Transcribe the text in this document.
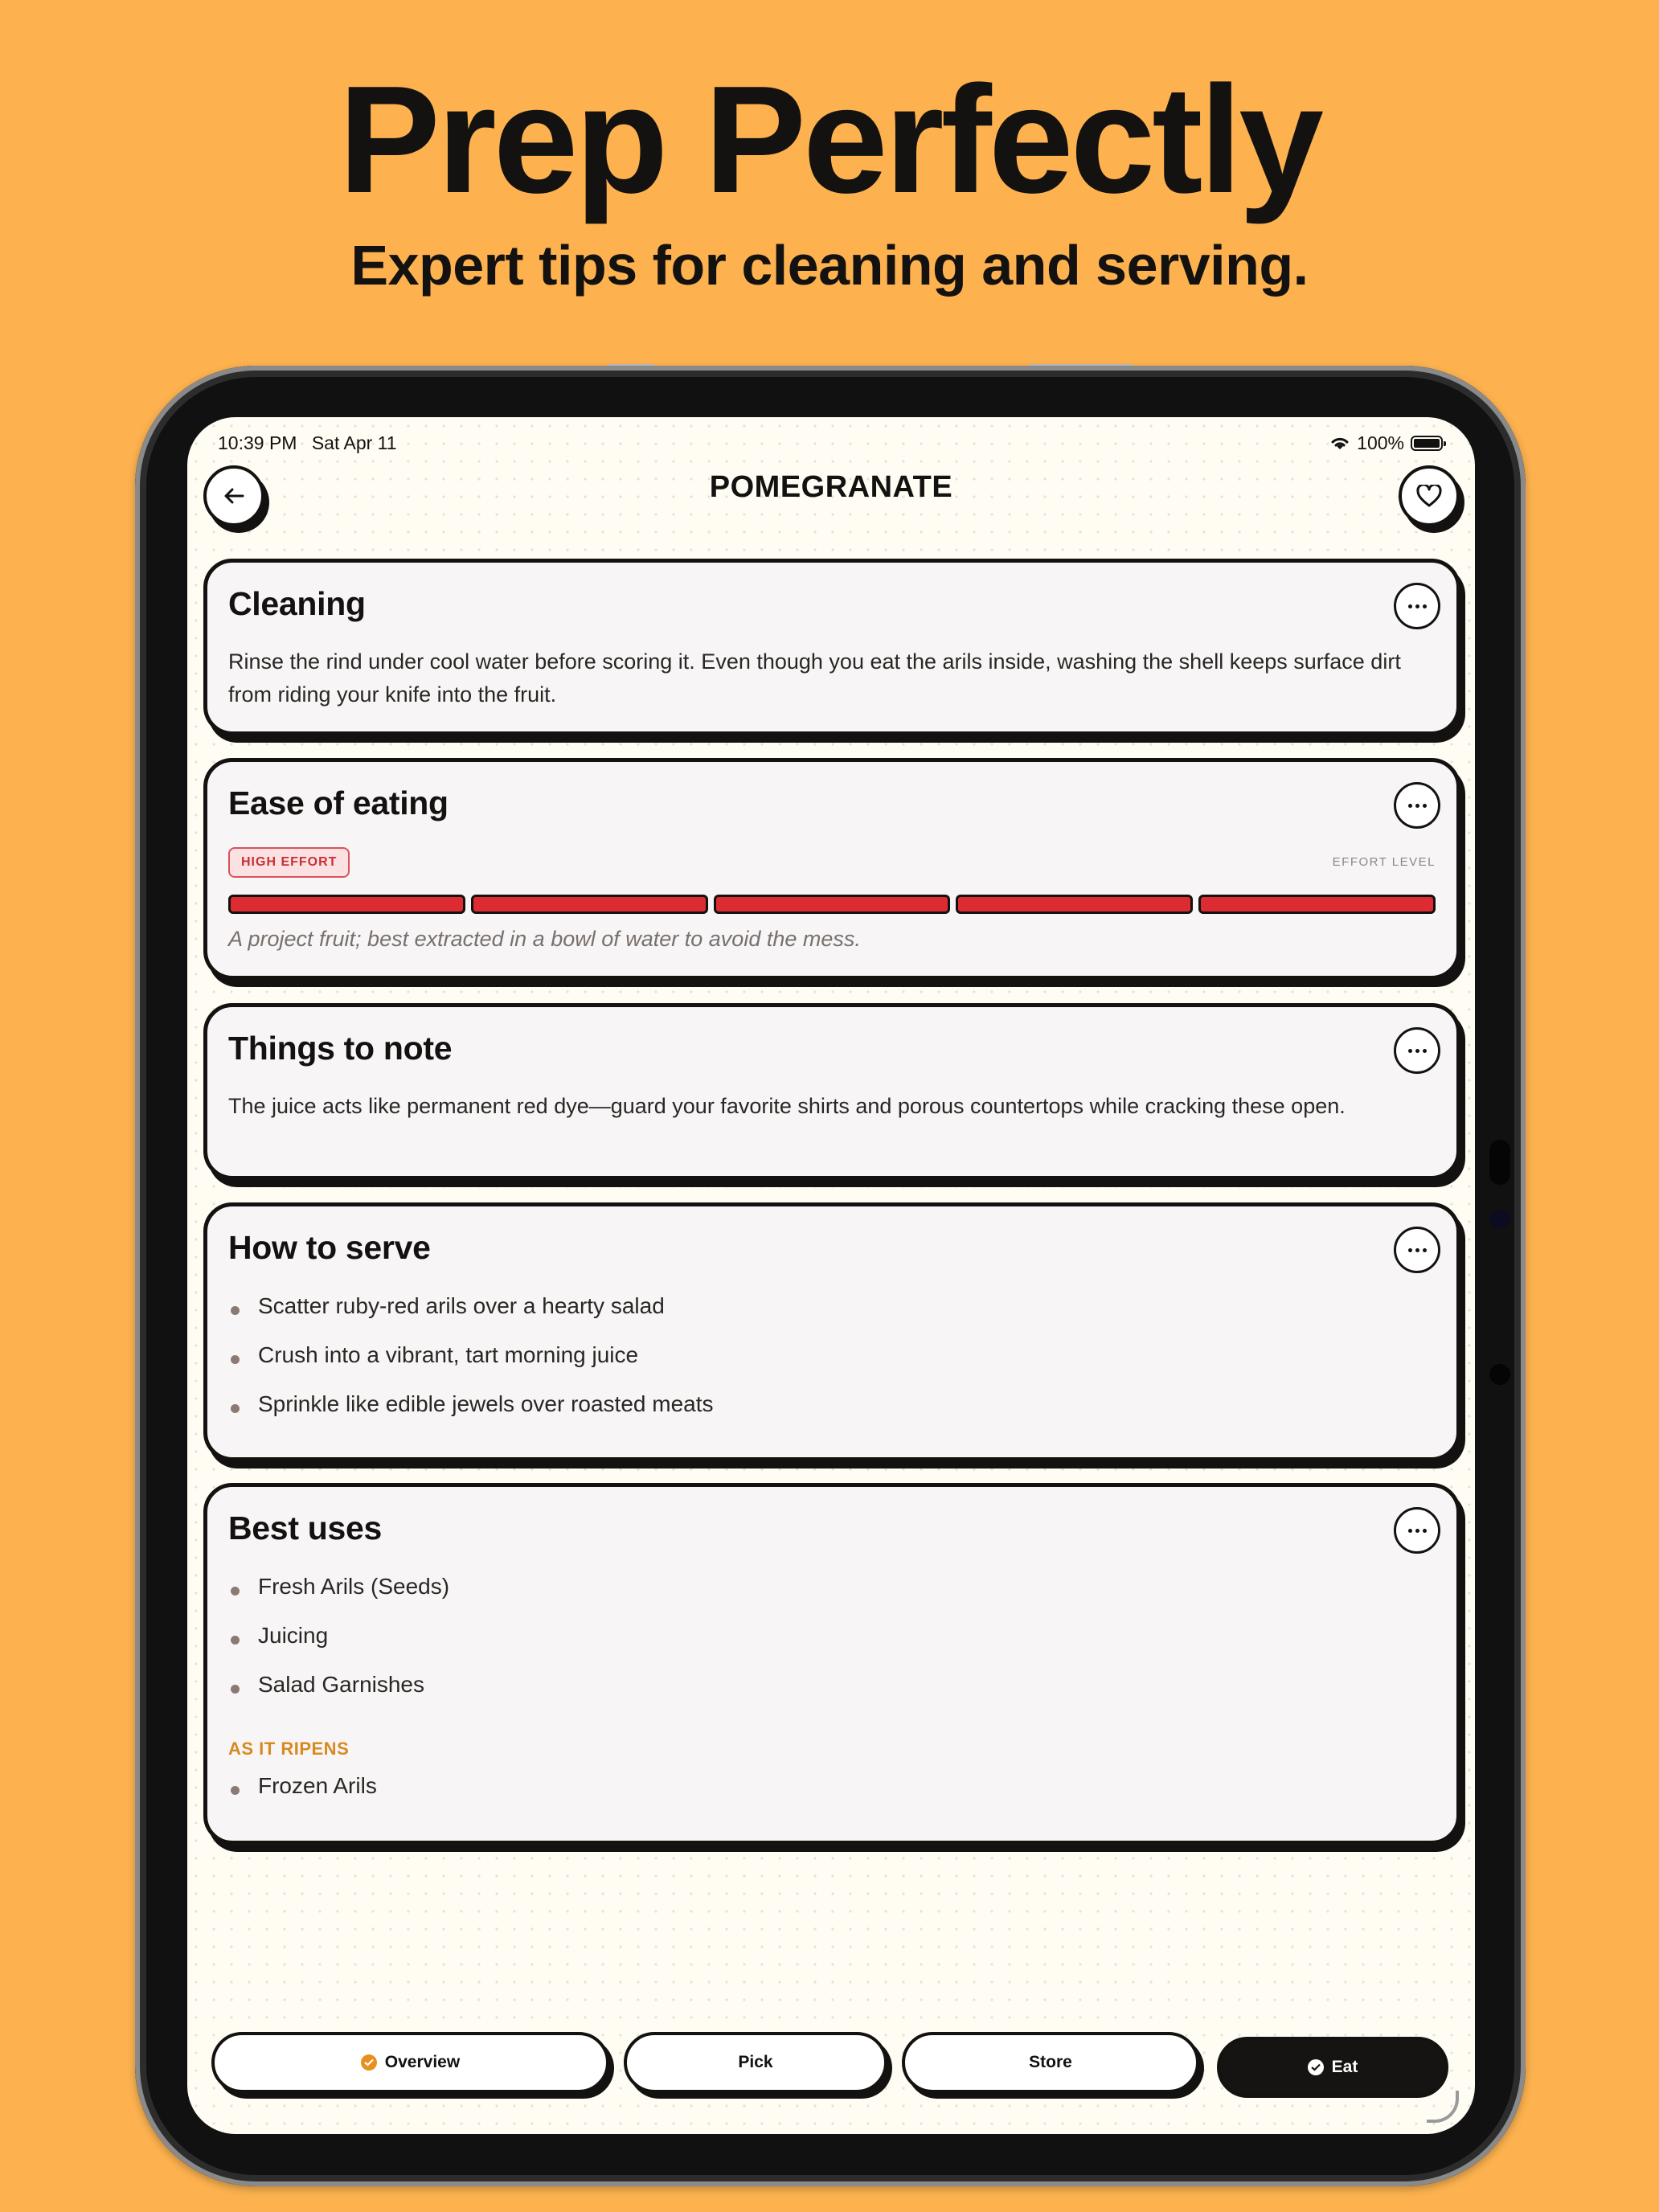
Prep Perfectly
Expert tips for cleaning and serving.
10:39 PM Sat Apr 11	100%
POMEGRANATE
Cleaning

Rinse the rind under cool water before scoring it. Even though you eat the arils inside, washing the shell keeps surface dirt from riding your knife into the fruit.

Ease of eating
HIGH EFFORT	EFFORT LEVEL

A project fruit; best extracted in a bowl of water to avoid the mess.

Things to note

The juice acts like permanent red dye—guard your favorite shirts and porous countertops while cracking these open.

How to serve
Scatter ruby-red arils over a hearty salad
Crush into a vibrant, tart morning juice
Sprinkle like edible jewels over roasted meats
Best uses
Fresh Arils (Seeds)
Juicing
Salad Garnishes
AS IT RIPENS
Frozen Arils
Overview	Pick	Store	Eat
